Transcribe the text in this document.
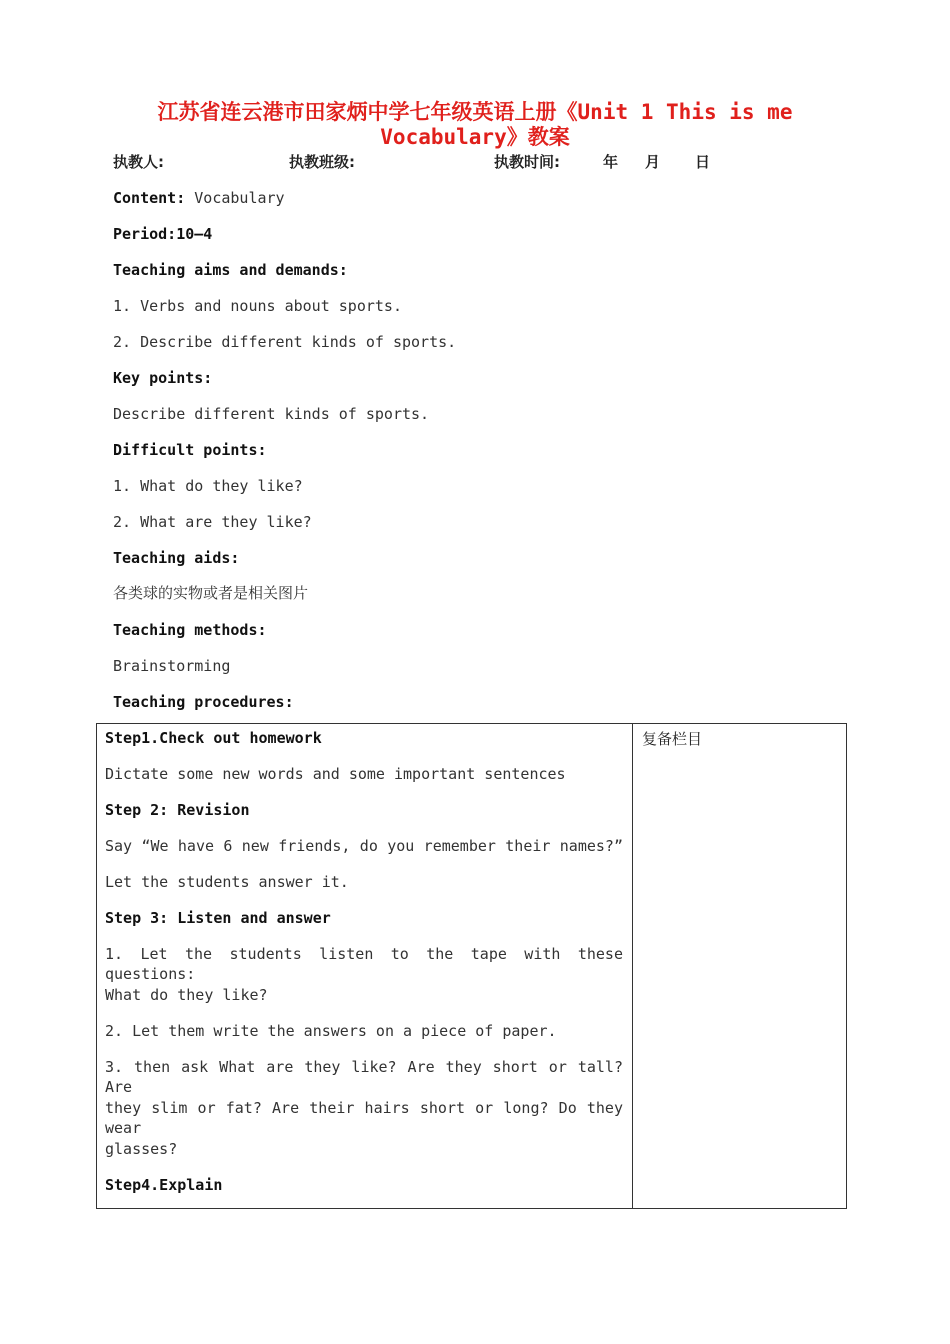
江苏省连云港市田家炳中学七年级英语上册《Unit 1 This is me
Vocabulary》教案
执教人:	执教班级:	执教时间:	年 月 日
Content: Vocabulary
Period:10—4
Teaching aims and demands:
1. Verbs and nouns about sports.
2. Describe different kinds of sports.
Key points:
Describe different kinds of sports.
Difficult points:
1. What do they like?
2. What are they like?
Teaching aids:
各类球的实物或者是相关图片
Teaching methods:
Brainstorming
Teaching procedures:
Step1.Check out homework
Dictate some new words and some important sentences
Step 2: Revision
Say “We have 6 new friends, do you remember their names?”
Let the students answer it.
Step 3: Listen and answer
1. Let the students listen to the tape with these questions:
What do they like?
2. Let them write the answers on a piece of paper.
3. then ask What are they like? Are they short or tall? Are
they slim or fat? Are their hairs short or long? Do they wear
glasses?
Step4.Explain
复备栏目
